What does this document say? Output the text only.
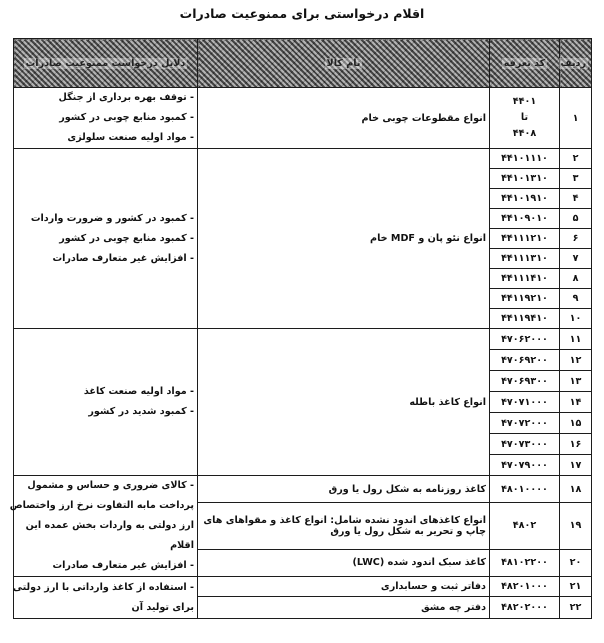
اقلام درخواستی برای ممنوعیت صادرات
ردیف	کد تعرفه	نام کالا	دلایل درخواست ممنوعیت صادرات
۱	۴۴۰۱
تا
۴۴۰۸	انواع مقطوعات چوبی خام	- توقف بهره برداری از جنگل
- کمبود منابع چوبی در کشور
- مواد اولیه صنعت سلولزی

۲	۴۴۱۰۱۱۱۰	انواع نئو پان و MDF خام	- کمبود در کشور و ضرورت واردات
- کمبود منابع چوبی در کشور
- افزایش غیر متعارف صادرات

۳	۴۴۱۰۱۳۱۰		
۴	۴۴۱۰۱۹۱۰		
۵	۴۴۱۰۹۰۱۰		
۶	۴۴۱۱۱۲۱۰		
۷	۴۴۱۱۱۳۱۰		
۸	۴۴۱۱۱۴۱۰		
۹	۴۴۱۱۹۲۱۰		
۱۰	۴۴۱۱۹۴۱۰		
۱۱	۴۷۰۶۲۰۰۰	انواع کاغذ باطله	- مواد اولیه صنعت کاغذ
- کمبود شدید در کشور

۱۲	۴۷۰۶۹۲۰۰		
۱۳	۴۷۰۶۹۳۰۰		
۱۴	۴۷۰۷۱۰۰۰		
۱۵	۴۷۰۷۲۰۰۰		
۱۶	۴۷۰۷۳۰۰۰		
۱۷	۴۷۰۷۹۰۰۰		
۱۸	۴۸۰۱۰۰۰۰	کاغذ روزنامه به شکل رول یا ورق	- کالای ضروری و حساس و مشمول
پرداخت مابه التفاوت نرخ ارز واختصاص
ارز دولتی به واردات بخش عمده این
اقلام
- افزایش غیر متعارف صادرات

۱۹	۴۸۰۲	انواع کاغذهای اندود نشده شامل: انواع کاغذ و مقواهای های چاپ و تحریر به شکل رول یا ورق	
۲۰	۴۸۱۰۲۲۰۰	کاغذ سبک اندود شده (LWC)	
۲۱	۴۸۲۰۱۰۰۰	دفاتر ثبت و حسابداری	- استفاده از کاغذ وارداتی با ارز دولتی
برای تولید آن

۲۲	۴۸۲۰۲۰۰۰	دفتر چه مشق	
